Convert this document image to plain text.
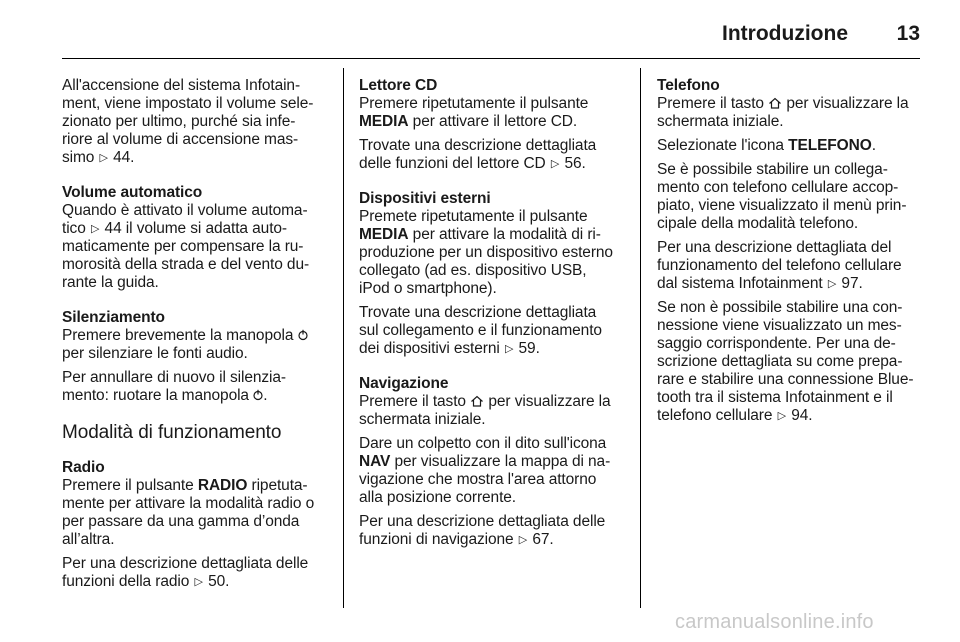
Introduzione 13
All'accensione del sistema Infotain-
ment, viene impostato il volume sele-
zionato per ultimo, purché sia infe-
riore al volume di accensione mas-
simo ▷ 44.
Volume automatico
Quando è attivato il volume automa-
tico ▷ 44 il volume si adatta auto-
maticamente per compensare la ru-
morosità della strada e del vento du-
rante la guida.
Silenziamento

Premere brevemente la manopola
per silenziare le fonti audio.

Per annullare di nuovo il silenzia-
mento: ruotare la manopola .

Modalità di funzionamento
Radio

Premere il pulsante RADIO ripetuta-
mente per attivare la modalità radio o
per passare da una gamma d’onda
all’altra.

Per una descrizione dettagliata delle
funzioni della radio ▷ 50.

Lettore CD

Premere ripetutamente il pulsante
MEDIA per attivare il lettore CD.

Trovate una descrizione dettagliata
delle funzioni del lettore CD ▷ 56.

Dispositivi esterni

Premete ripetutamente il pulsante
MEDIA per attivare la modalità di ri-
produzione per un dispositivo esterno
collegato (ad es. dispositivo USB,
iPod o smartphone).

Trovate una descrizione dettagliata
sul collegamento e il funzionamento
dei dispositivi esterni ▷ 59.

Navigazione

Premere il tasto per visualizzare la
schermata iniziale.

Dare un colpetto con il dito sull'icona
NAV per visualizzare la mappa di na-
vigazione che mostra l'area attorno
alla posizione corrente.

Per una descrizione dettagliata delle
funzioni di navigazione ▷ 67.

Telefono

Premere il tasto per visualizzare la
schermata iniziale.

Selezionate l'icona TELEFONO.

Se è possibile stabilire un collega-
mento con telefono cellulare accop-
piato, viene visualizzato il menù prin-
cipale della modalità telefono.

Per una descrizione dettagliata del
funzionamento del telefono cellulare
dal sistema Infotainment ▷ 97.

Se non è possibile stabilire una con-
nessione viene visualizzato un mes-
saggio corrispondente. Per una de-
scrizione dettagliata su come prepa-
rare e stabilire una connessione Blue-
tooth tra il sistema Infotainment e il
telefono cellulare ▷ 94.

carmanualsonline.info
